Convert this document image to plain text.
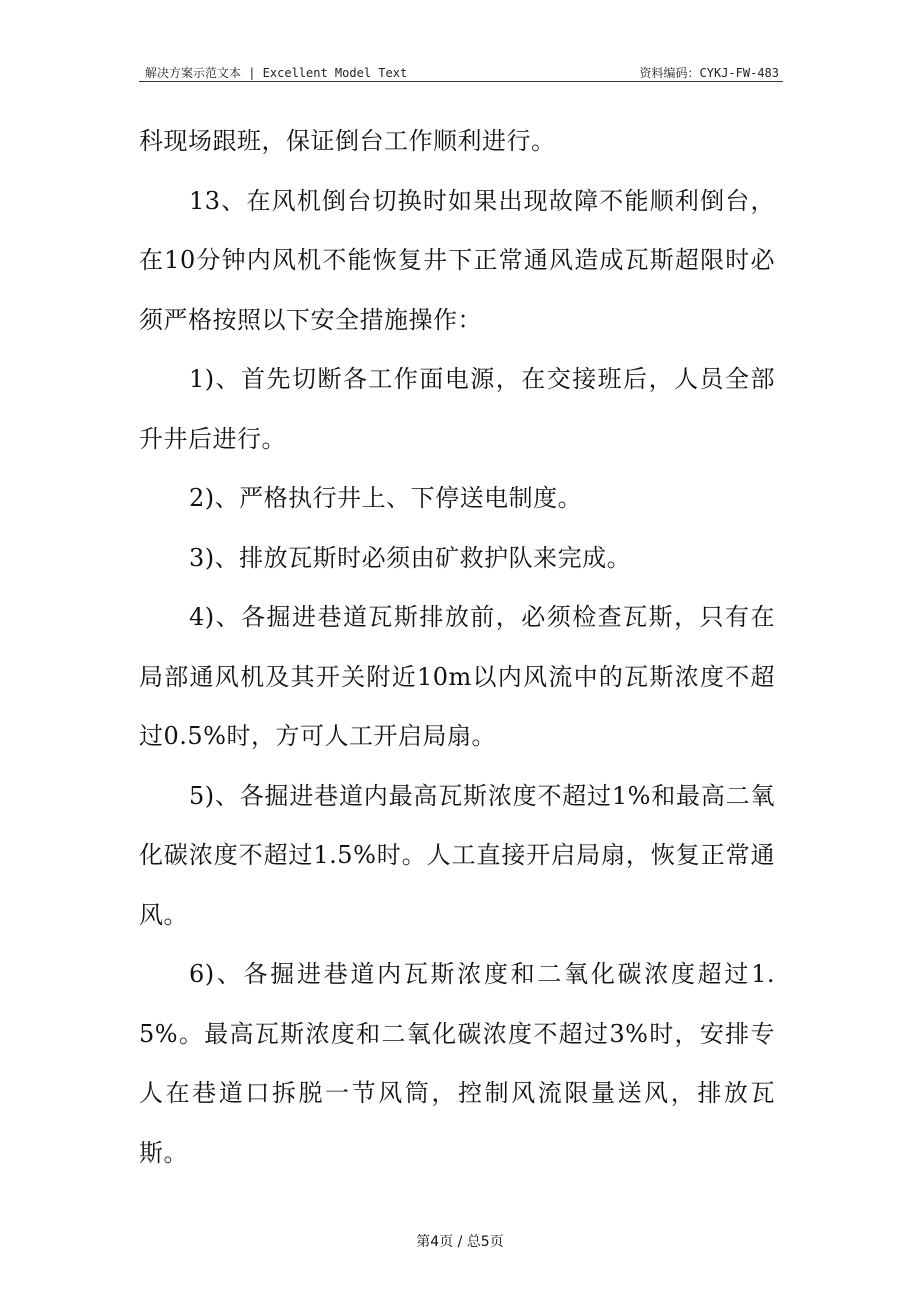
解决方案示范文本 | Excellent Model Text	资料编码：CYKJ-FW-483

科现场跟班，保证倒台工作顺利进行。

13、在风机倒台切换时如果出现故障不能顺利倒台，在10分钟内风机不能恢复井下正常通风造成瓦斯超限时必须严格按照以下安全措施操作：

1)、首先切断各工作面电源，在交接班后，人员全部升井后进行。

2)、严格执行井上、下停送电制度。

3)、排放瓦斯时必须由矿救护队来完成。

4)、各掘进巷道瓦斯排放前，必须检查瓦斯，只有在局部通风机及其开关附近10m以内风流中的瓦斯浓度不超过0.5%时，方可人工开启局扇。

5)、各掘进巷道内最高瓦斯浓度不超过1%和最高二氧化碳浓度不超过1.5%时。人工直接开启局扇，恢复正常通风。

6)、各掘进巷道内瓦斯浓度和二氧化碳浓度超过1.5%。最高瓦斯浓度和二氧化碳浓度不超过3%时，安排专人在巷道口拆脱一节风筒，控制风流限量送风，排放瓦斯。

第4页 / 总5页
